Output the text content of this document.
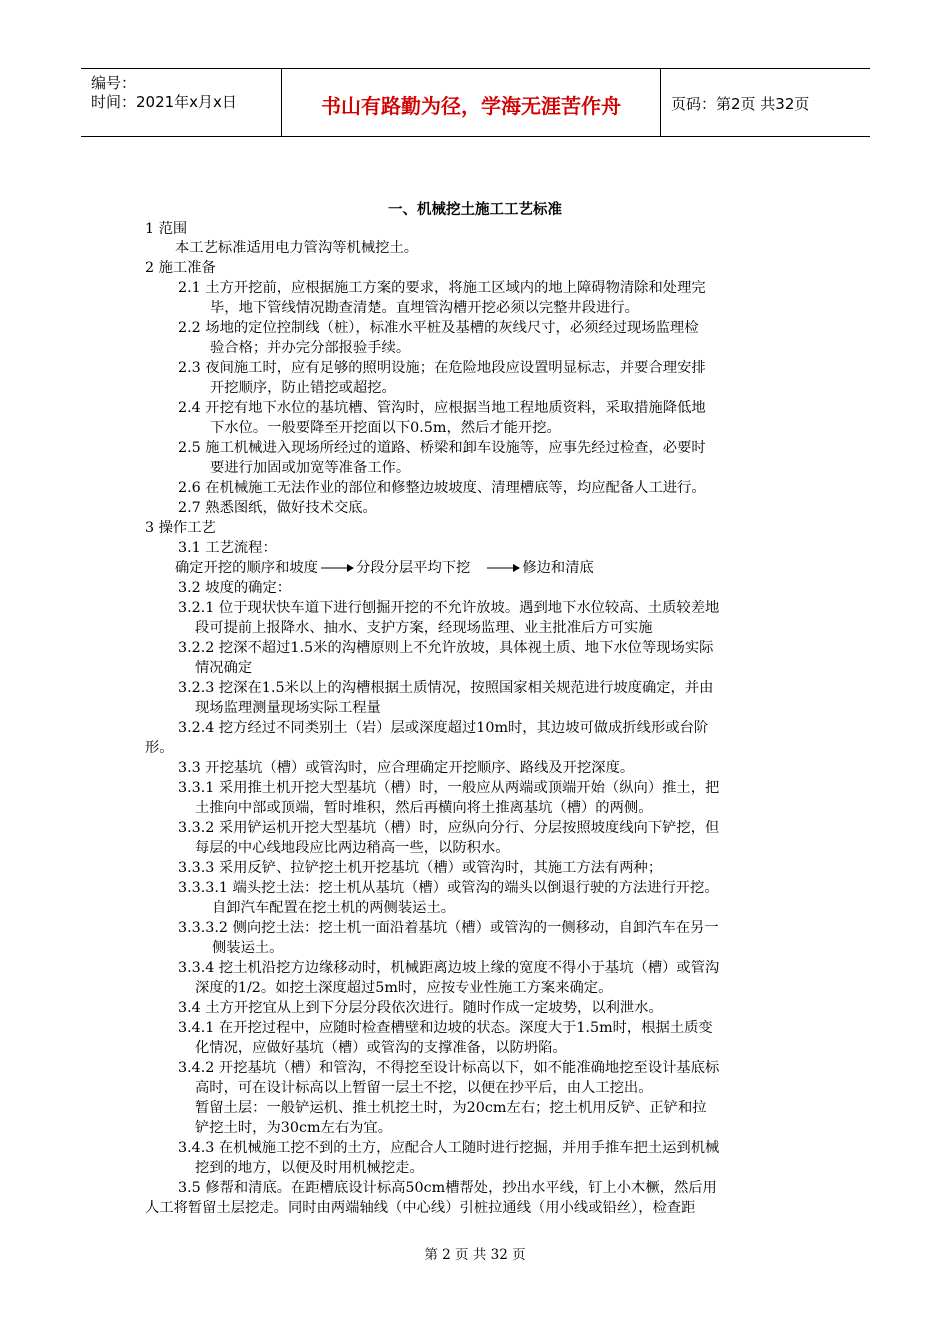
编号：
时间：2021年x月x日	书山有路勤为径，学海无涯苦作舟	页码：第2页 共32页
一、机械挖土施工工艺标准
1 范围
本工艺标准适用电力管沟等机械挖土。
2 施工准备
2.1 土方开挖前，应根据施工方案的要求，将施工区域内的地上障碍物清除和处理完
毕，地下管线情况勘查清楚。直埋管沟槽开挖必须以完整井段进行。
2.2 场地的定位控制线（桩），标准水平桩及基槽的灰线尺寸，必须经过现场监理检
验合格；并办完分部报验手续。
2.3 夜间施工时，应有足够的照明设施；在危险地段应设置明显标志，并要合理安排
开挖顺序，防止错挖或超挖。
2.4 开挖有地下水位的基坑槽、管沟时，应根据当地工程地质资料，采取措施降低地
下水位。一般要降至开挖面以下0.5m，然后才能开挖。
2.5 施工机械进入现场所经过的道路、桥梁和卸车设施等，应事先经过检查，必要时
要进行加固或加宽等准备工作。
2.6 在机械施工无法作业的部位和修整边坡坡度、清理槽底等，均应配备人工进行。
2.7 熟悉图纸，做好技术交底。
3 操作工艺
3.1 工艺流程：
确定开挖的顺序和坡度	分段分层平均下挖	修边和清底
3.2 坡度的确定：
3.2.1 位于现状快车道下进行刨掘开挖的不允许放坡。遇到地下水位较高、土质较差地
段可提前上报降水、抽水、支护方案，经现场监理、业主批准后方可实施
3.2.2 挖深不超过1.5米的沟槽原则上不允许放坡，具体视土质、地下水位等现场实际
情况确定
3.2.3 挖深在1.5米以上的沟槽根据土质情况，按照国家相关规范进行坡度确定，并由
现场监理测量现场实际工程量
3.2.4 挖方经过不同类别土（岩）层或深度超过10m时，其边坡可做成折线形或台阶
形。
3.3 开挖基坑（槽）或管沟时，应合理确定开挖顺序、路线及开挖深度。
3.3.1 采用推土机开挖大型基坑（槽）时，一般应从两端或顶端开始（纵向）推土，把
土推向中部或顶端，暂时堆积，然后再横向将土推离基坑（槽）的两侧。
3.3.2 采用铲运机开挖大型基坑（槽）时，应纵向分行、分层按照坡度线向下铲挖，但
每层的中心线地段应比两边稍高一些，以防积水。
3.3.3 采用反铲、拉铲挖土机开挖基坑（槽）或管沟时，其施工方法有两种；
3.3.3.1 端头挖土法：挖土机从基坑（槽）或管沟的端头以倒退行驶的方法进行开挖。
自卸汽车配置在挖土机的两侧装运土。
3.3.3.2 侧向挖土法：挖土机一面沿着基坑（槽）或管沟的一侧移动，自卸汽车在另一
侧装运土。
3.3.4 挖土机沿挖方边缘移动时，机械距离边坡上缘的宽度不得小于基坑（槽）或管沟
深度的1/2。如挖土深度超过5m时，应按专业性施工方案来确定。
3.4 土方开挖宜从上到下分层分段依次进行。随时作成一定坡势，以利泄水。
3.4.1 在开挖过程中，应随时检查槽壁和边坡的状态。深度大于1.5m时，根据土质变
化情况，应做好基坑（槽）或管沟的支撑准备，以防坍陷。
3.4.2 开挖基坑（槽）和管沟，不得挖至设计标高以下，如不能准确地挖至设计基底标
高时，可在设计标高以上暂留一层土不挖，以便在抄平后，由人工挖出。
暂留土层：一般铲运机、推土机挖土时，为20cm左右；挖土机用反铲、正铲和拉
铲挖土时，为30cm左右为宜。
3.4.3 在机械施工挖不到的土方，应配合人工随时进行挖掘，并用手推车把土运到机械
挖到的地方，以便及时用机械挖走。
3.5 修帮和清底。在距槽底设计标高50cm槽帮处，抄出水平线，钉上小木橛，然后用
人工将暂留土层挖走。同时由两端轴线（中心线）引桩拉通线（用小线或铅丝），检查距
第 2 页 共 32 页
